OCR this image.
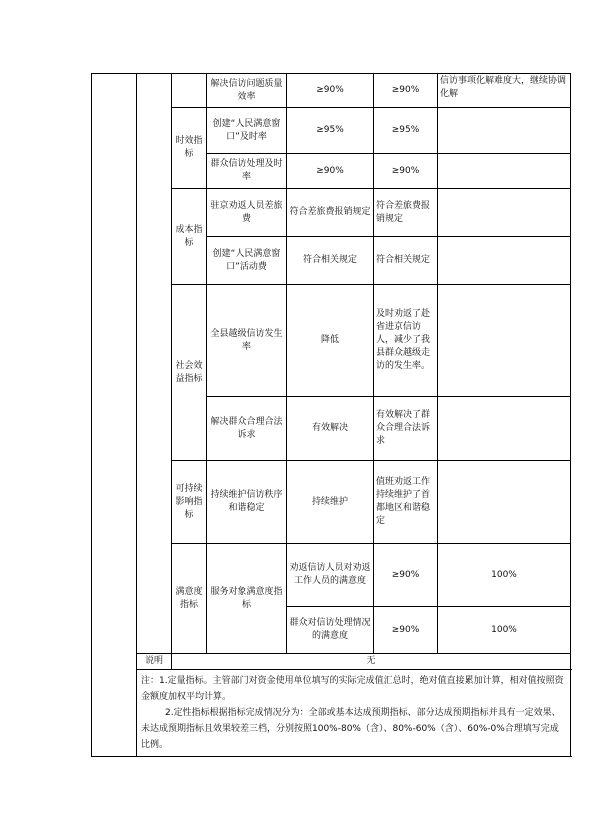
			解决信访问题质量效率	≥90%	≥90%	信访事项化解难度大，继续协调化解	
		时效指标	创建“人民满意窗口”及时率	≥95%	≥95%		
			群众信访处理及时率	≥90%	≥90%		
		成本指标	驻京劝返人员差旅费	符合差旅费报销规定	符合差旅费报销规定		
			创建“人民满意窗口”活动费	符合相关规定	符合相关规定		
		社会效益指标	全县越级信访发生率	降低	及时劝返了赴省进京信访人，减少了我县群众越级走访的发生率。		
			解决群众合理合法诉求	有效解决	有效解决了群众合理合法诉求		
		可持续影响指标	持续维护信访秩序和谐稳定	持续维护	值班劝返工作持续维护了首都地区和谐稳定		
		满意度指标	服务对象满意度指标	劝返信访人员对劝返工作人员的满意度	≥90%	100%	
				群众对信访处理情况的满意度	≥90%	100%	
	说明	无					

	注：1.定量指标。主管部门对资金使用单位填写的实际完成值汇总时，绝对值直接累加计算，相对值按照资金额度加权平均计算。

2.定性指标根据指标完成情况分为：全部或基本达成预期指标、部分达成预期指标并具有一定效果、未达成预期指标且效果较差三档，分别按照100%-80%（含）、80%-60%（含）、60%-0%合理填写完成比例。						
